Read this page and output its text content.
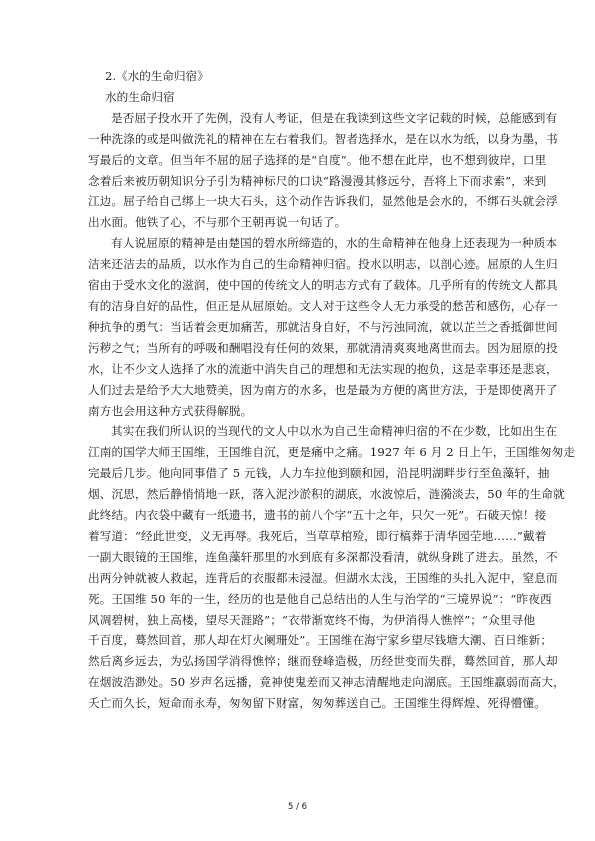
2.《水的生命归宿》

水的生命归宿

是否屈子投水开了先例，没有人考证，但是在我读到这些文字记载的时候，总能感到有
一种洗涤的或是叫做洗礼的精神在左右着我们。智者选择水，是在以水为纸，以身为墨，书
写最后的文章。但当年不屈的屈子选择的是“自度”。他不想在此岸，也不想到彼岸，口里
念着后来被历朝知识分子引为精神标尺的口诀“路漫漫其修远兮，吾将上下而求索”，来到
江边。屈子给自己绑上一块大石头，这个动作告诉我们，显然他是会水的，不绑石头就会浮
出水面。他铁了心，不与那个王朝再说一句话了。

有人说屈原的精神是由楚国的碧水所缔造的，水的生命精神在他身上还表现为一种质本
洁来还洁去的品质，以水作为自己的生命精神归宿。投水以明志，以剖心迹。屈原的人生归
宿由于受水文化的滋润，使中国的传统文人的明志方式有了载体。几乎所有的传统文人都具
有的洁身自好的品性，但正是从屈原始。文人对于这些令人无力承受的愁苦和感伤，心存一
种抗争的勇气：当话着会更加痛苦，那就洁身自好，不与污浊同流，就以芷兰之香抵御世间
污秽之气；当所有的呼吸和酬唱没有任何的效果，那就清清爽爽地离世而去。因为屈原的投
水，让不少文人选择了水的流逝中消失自己的理想和无法实现的抱负，这是幸事还是悲哀，
人们过去是给予大大地赞美，因为南方的水多，也是最为方便的离世方法，于是即使离开了
南方也会用这种方式获得解脱。

其实在我们所认识的当现代的文人中以水为自己生命精神归宿的不在少数，比如出生在
江南的国学大师王国维，王国维自沉，更是痛中之痛。1927 年 6 月 2 日上午，王国维匆匆走
完最后几步。他向同事借了 5 元钱，人力车拉他到颐和园，沿昆明湖畔步行至鱼藻轩，抽
烟、沉思，然后静悄悄地一跃，落入泥沙淤积的湖底，水波惊后，涟漪淡去，50 年的生命就
此终结。内衣袋中藏有一纸遗书，遗书的前八个字“五十之年，只欠一死”。石破天惊！接
着写道：“经此世变，义无再辱。我死后，当草草棺殓，即行槁葬于清华园茔地……”戴着
一副大眼镜的王国维，连鱼藻轩那里的水到底有多深都没看清，就纵身跳了进去。虽然，不
出两分钟就被人救起，连背后的衣服都未浸湿。但湖水太浅，王国维的头扎入泥中，窒息而
死。王国维 50 年的一生，经历的也是他自己总结出的人生与治学的“三境界说”：“昨夜西
风凋碧树，独上高楼，望尽天涯路”；“衣带渐宽终不悔，为伊消得人憔悴”；“众里寻他
千百度，蓦然回首，那人却在灯火阑珊处”。王国维在海宁家乡望尽钱塘大潮、百日维新；
然后离乡远去，为弘扬国学消得憔悴；继而登峰造极，历经世变而失群，蓦然回首，那人却
在烟波浩渺处。50 岁声名远播，竟神使鬼差而又神志清醒地走向湖底。王国维羸弱而高大，
夭亡而久长，短命而永寿，匆匆留下财富，匆匆葬送自己。王国维生得辉煌、死得懵懂。

5 / 6
